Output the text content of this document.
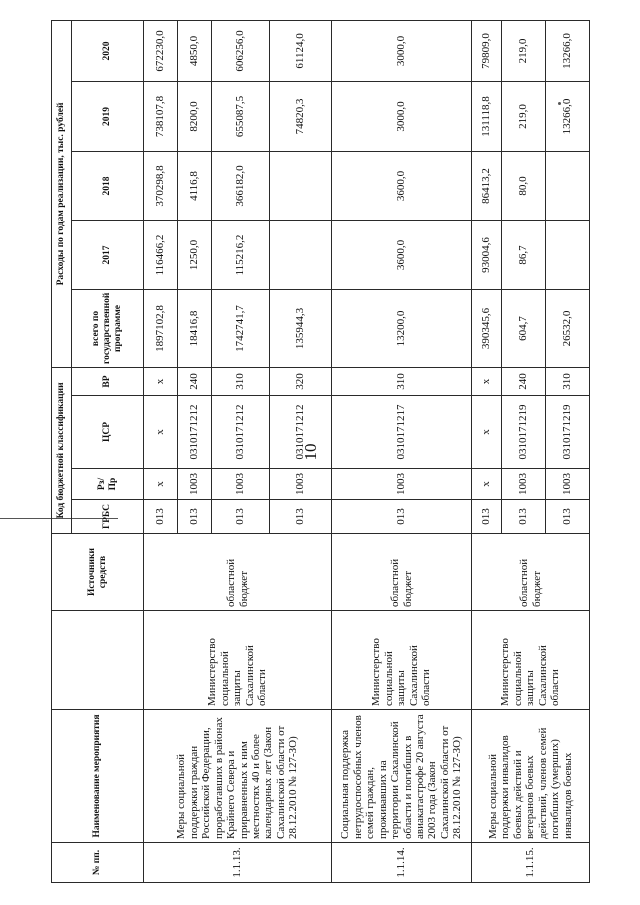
10
№ пп.	Наименование мероприятия		Источники средств	Код бюджетной классификации				Расходы по годам реализации, тыс. рублей				
				ГРБС	Рз/ Пр	ЦСР	ВР	всего по государственной программе	2017	2018	2019	2020
1.1.13.	Меры социальной поддержки граждан Российской Федерации, проработавших в районах Крайнего Севера и приравненных к ним местностях 40 и более календарных лет (Закон Сахалинской области от 28.12.2010 № 127-ЗО)	Министерство социальной защиты Сахалинской области	областной бюджет	013	х	х	х	1897102,8	116466,2	370298,8	738107,8	672230,0
				013	1003	0310171212	240	18416,8	1250,0	4116,8	8200,0	4850,0
				013	1003	0310171212	310	1742741,7	115216,2	366182,0	655087,5	606256,0
				013	1003	0310171212	320	135944,3			74820,3	61124,0
1.1.14.	Социальная поддержка нетрудоспособных членов семей граждан, проживавших на территории Сахалинской области и погибших в авиакатастрофе 20 августа 2003 года (Закон Сахалинской области от 28.12.2010 № 127-ЗО)	Министерство социальной защиты Сахалинской области	областной бюджет	013	1003	0310171217	310	13200,0	3600,0	3600,0	3000,0	3000,0
1.1.15.	Меры социальной поддержки инвалидов боевых действий и ветеранов боевых действий, членов семей погибших (умерших) инвалидов боевых	Министерство социальной защиты Сахалинской области	областной бюджет	013	х	х	х	390345,6	93004,6	86413,2	131118,8	79809,0
				013	1003	0310171219	240	604,7	86,7	80,0	219,0	219,0
				013	1003	0310171219	310	26532,0			13266,0	13266,0
